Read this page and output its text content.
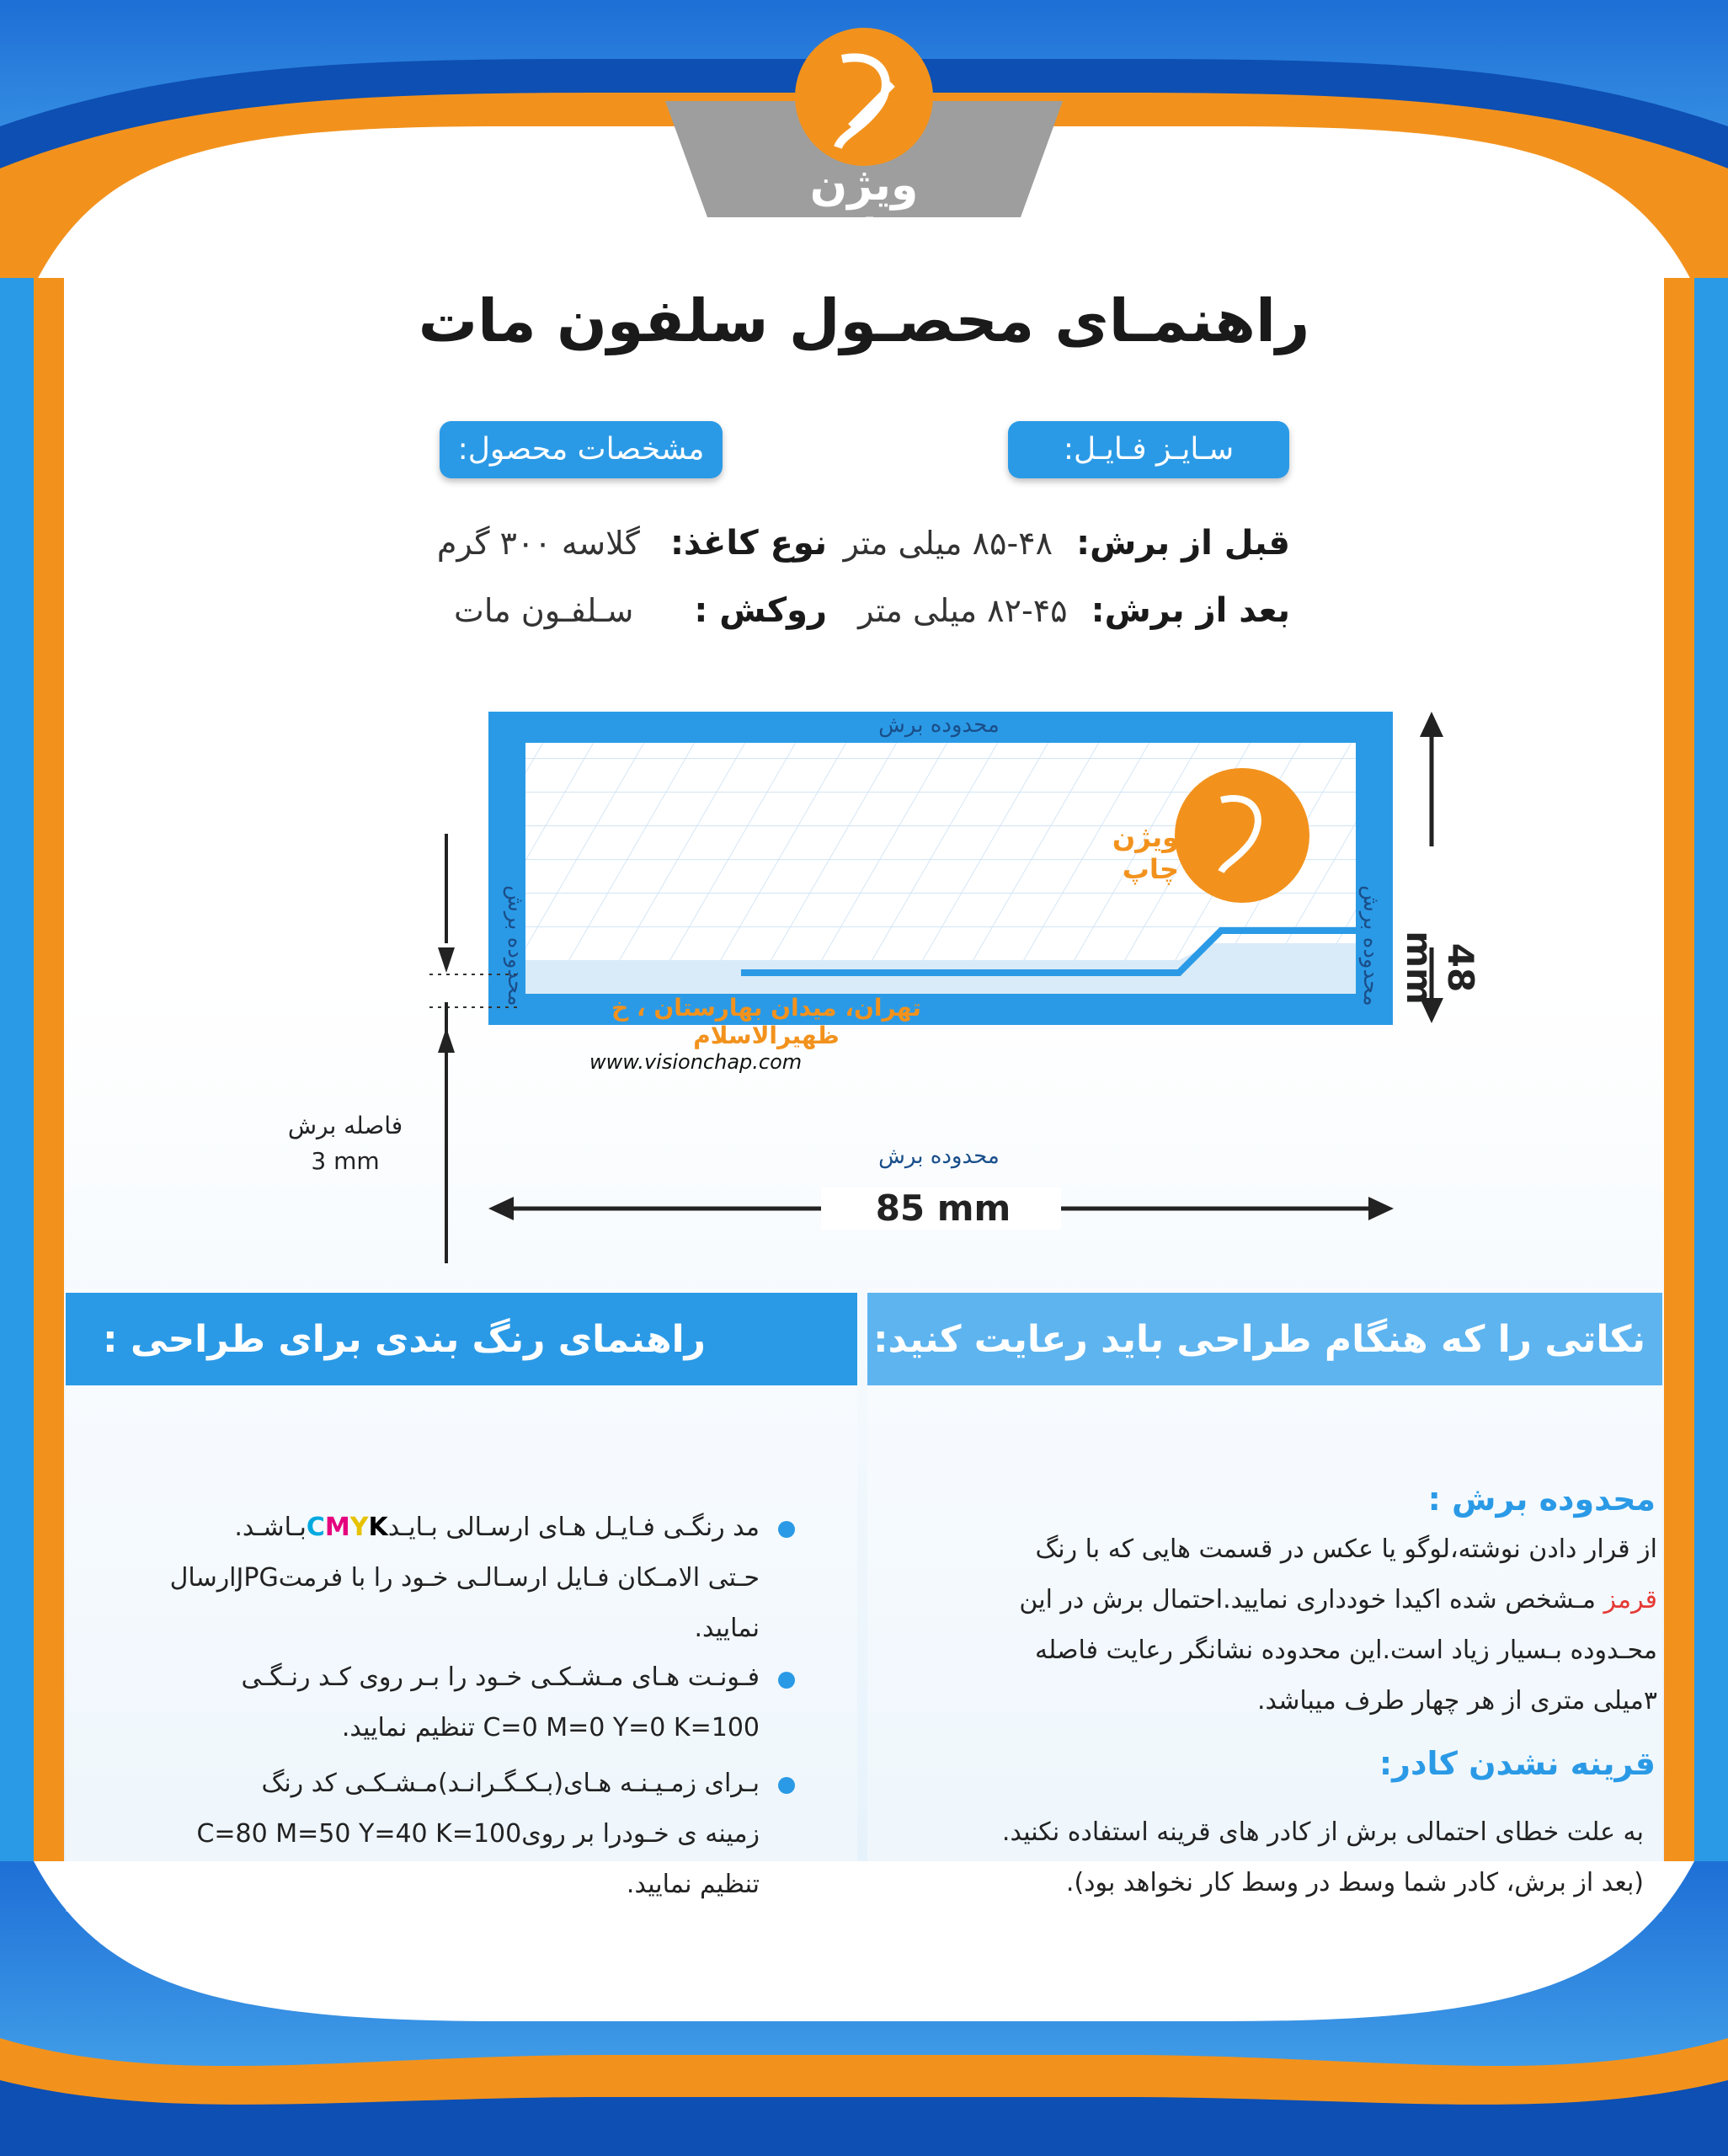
ویژن چاپ
راهنمـای محصـول سلفون مات
سـایـز فـایـل:
مشخصات محصول:
قبل از برش: ۴۸-۸۵ میلی متر
بعد از برش: ۴۵-۸۲ میلی متر
نوع کاغذ: گلاسه ۳۰۰ گرم
روکش : سـلفـون مات
محدوده برش
محدوده برش
محدوده برش	محدوده برش
ویژن چاپ
تهران، میدان بهارستان ، خ ظهیرالاسلام
www.visionchap.com
48 mm
85 mm
فاصله برش
3 mm
نکاتی را که هنگام طراحی باید رعایت کنید:
راهنمای رنگ بندی برای طراحی :
محدوده برش :
از قرار دادن نوشته،لوگو یا عکس در قسمت هایی که با رنگ
قرمز مـشخص شده اکیدا خودداری نمایید.احتمال برش در این
محـدوده بـسیار زیاد است.این محدوده نشانگر رعایت فاصله
۳میلی متری از هر چهار طرف میباشد.
قرینه نشدن کادر:
به علت خطای احتمالی برش از کادر های قرینه استفاده نکنید.
(بعد از برش، کادر شما وسط در وسط کار نخواهد بود).
مد رنگـی فـایـل هـای ارسـالی بـایـدCMYKبـاشـد.
حـتی الامـکان فـایل ارسـالـی خـود را با فرمتJPGارسال
نمایید.
فـونـت هـای مـشـکـی خـود را بـر روی کـد رنـگـی
C=0 M=0 Y=0 K=100 تنظیم نمایید.
بـرای زمـیـنـه هـای(بـکـگـرانـد)مـشـکـی کد رنگ
زمینه ی خـودرا بر رویC=80 M=50 Y=40 K=100
تنظیم نمایید.
